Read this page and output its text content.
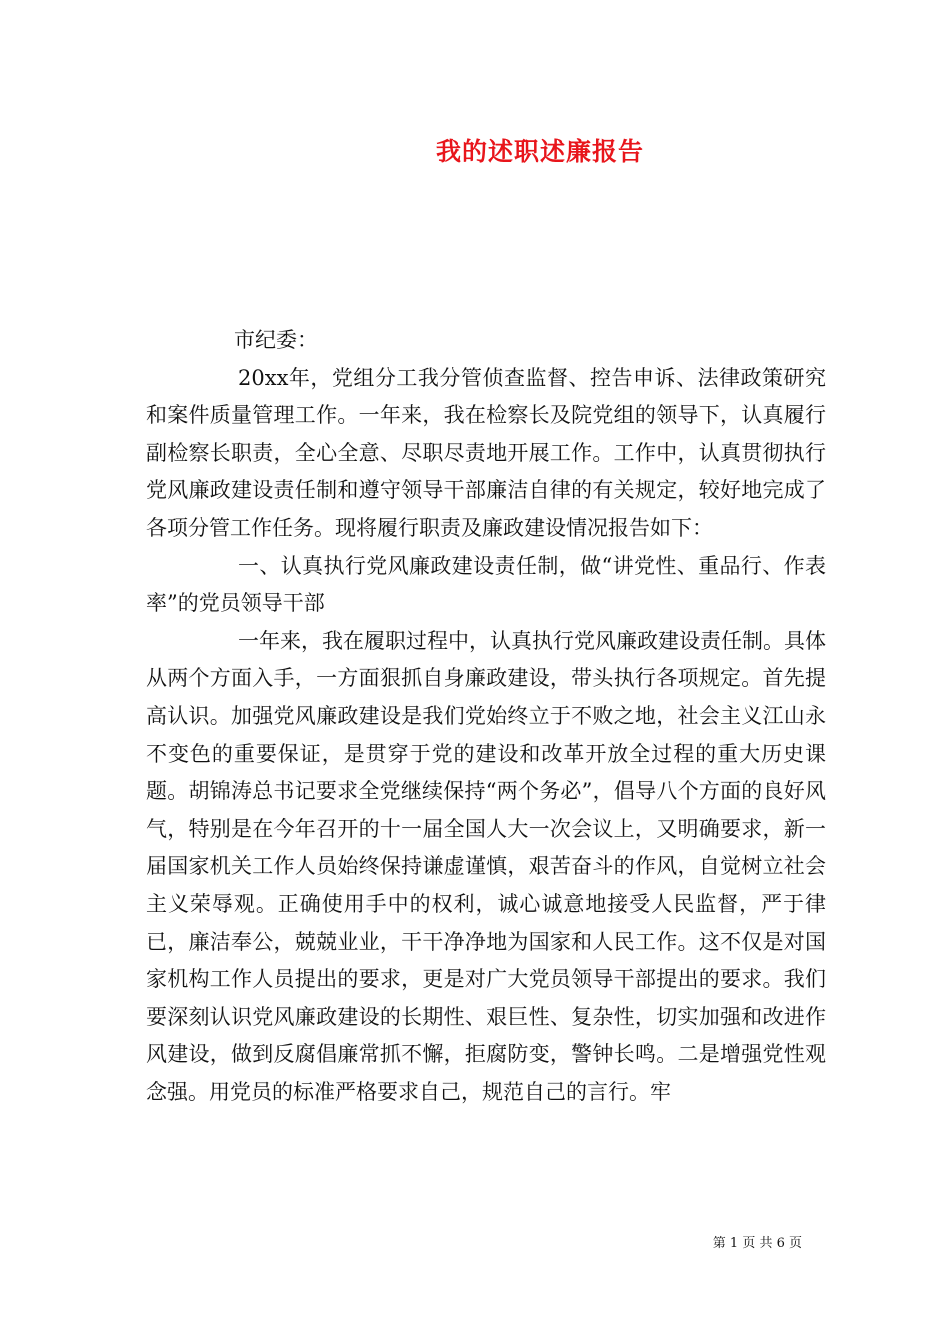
我的述职述廉报告

市纪委：

20xx年，党组分工我分管侦查监督、控告申诉、法律政策研究和案件质量管理工作。一年来，我在检察长及院党组的领导下，认真履行副检察长职责，全心全意、尽职尽责地开展工作。工作中，认真贯彻执行党风廉政建设责任制和遵守领导干部廉洁自律的有关规定，较好地完成了各项分管工作任务。现将履行职责及廉政建设情况报告如下：

一、认真执行党风廉政建设责任制，做“讲党性、重品行、作表率”的党员领导干部

一年来，我在履职过程中，认真执行党风廉政建设责任制。具体从两个方面入手，一方面狠抓自身廉政建设，带头执行各项规定。首先提高认识。加强党风廉政建设是我们党始终立于不败之地，社会主义江山永不变色的重要保证，是贯穿于党的建设和改革开放全过程的重大历史课题。胡锦涛总书记要求全党继续保持“两个务必”，倡导八个方面的良好风气，特别是在今年召开的十一届全国人大一次会议上，又明确要求，新一届国家机关工作人员始终保持谦虚谨慎，艰苦奋斗的作风，自觉树立社会主义荣辱观。正确使用手中的权利，诚心诚意地接受人民监督，严于律已，廉洁奉公，兢兢业业，干干净净地为国家和人民工作。这不仅是对国家机构工作人员提出的要求，更是对广大党员领导干部提出的要求。我们要深刻认识党风廉政建设的长期性、艰巨性、复杂性，切实加强和改进作风建设，做到反腐倡廉常抓不懈，拒腐防变，警钟长鸣。二是增强党性观念强。用党员的标准严格要求自己，规范自己的言行。牢

第 1 页 共 6 页
